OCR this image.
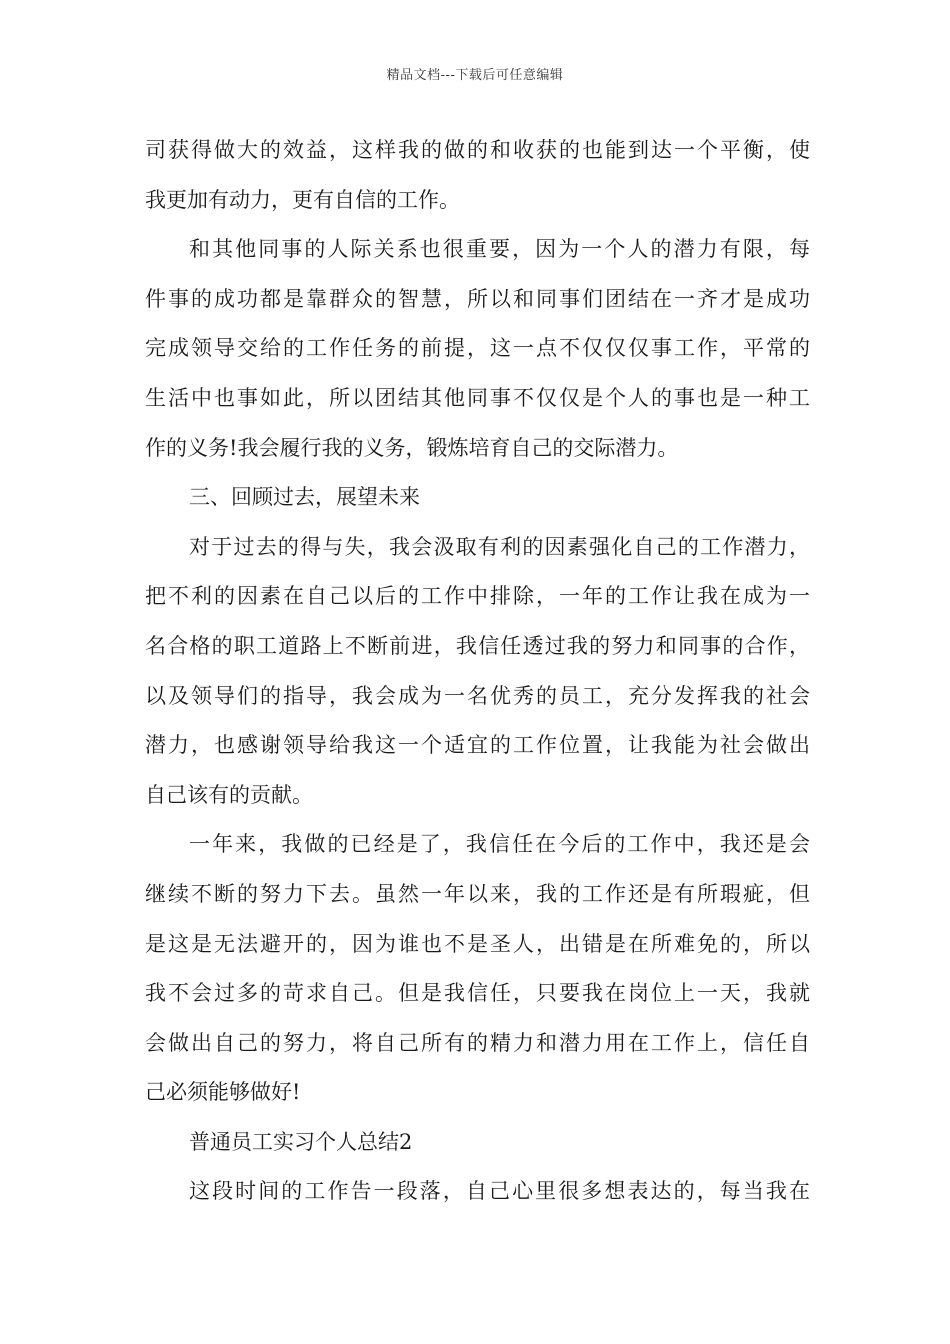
精品文档---下载后可任意编辑
司获得做大的效益，这样我的做的和收获的也能到达一个平衡，使
我更加有动力，更有自信的工作。
和其他同事的人际关系也很重要，因为一个人的潜力有限，每
件事的成功都是靠群众的智慧，所以和同事们团结在一齐才是成功
完成领导交给的工作任务的前提，这一点不仅仅仅事工作，平常的
生活中也事如此，所以团结其他同事不仅仅是个人的事也是一种工
作的义务!我会履行我的义务，锻炼培育自己的交际潜力。
三、回顾过去，展望未来
对于过去的得与失，我会汲取有利的因素强化自己的工作潜力，
把不利的因素在自己以后的工作中排除，一年的工作让我在成为一
名合格的职工道路上不断前进，我信任透过我的努力和同事的合作，
以及领导们的指导，我会成为一名优秀的员工，充分发挥我的社会
潜力，也感谢领导给我这一个适宜的工作位置，让我能为社会做出
自己该有的贡献。
一年来，我做的已经是了，我信任在今后的工作中，我还是会
继续不断的努力下去。虽然一年以来，我的工作还是有所瑕疵，但
是这是无法避开的，因为谁也不是圣人，出错是在所难免的，所以
我不会过多的苛求自己。但是我信任，只要我在岗位上一天，我就
会做出自己的努力，将自己所有的精力和潜力用在工作上，信任自
己必须能够做好!
普通员工实习个人总结2
这段时间的工作告一段落，自己心里很多想表达的，每当我在
